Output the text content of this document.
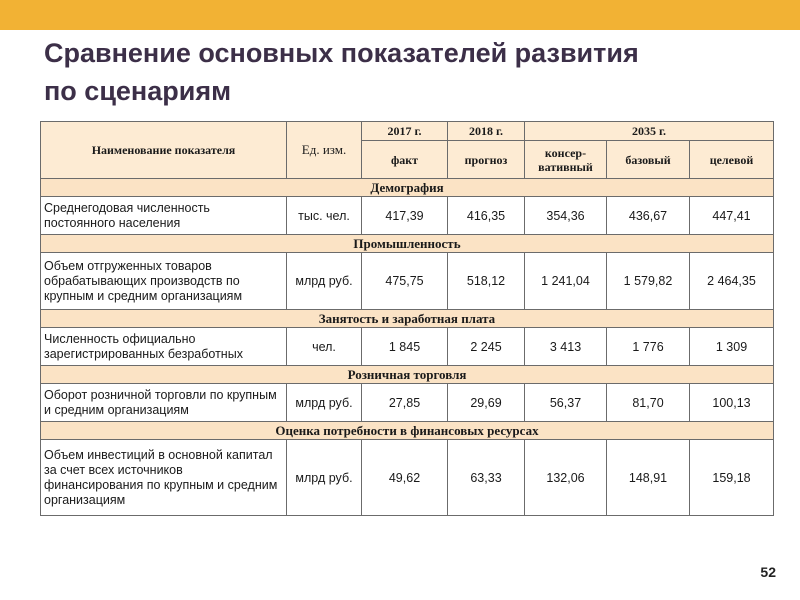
Сравнение основных показателей развития
по сценариям
Наименование показателя	Ед. изм.	2017 г.	2018 г.	2035 г.		
		факт	прогноз	консер-вативный	базовый	целевой
Демография						
Среднегодовая численность постоянного населения	тыс. чел.	417,39	416,35	354,36	436,67	447,41
Промышленность						
Объем отгруженных товаров обрабатывающих производств по крупным и средним организациям	млрд руб.	475,75	518,12	1 241,04	1 579,82	2 464,35
Занятость и заработная плата						
Численность официально зарегистрированных безработных	чел.	1 845	2 245	3 413	1 776	1 309
Розничная торговля						
Оборот розничной торговли по крупным и средним организациям	млрд руб.	27,85	29,69	56,37	81,70	100,13
Оценка потребности в финансовых ресурсах						
Объем инвестиций в основной капитал за счет всех источников финансирования по крупным и средним организациям	млрд руб.	49,62	63,33	132,06	148,91	159,18
52
